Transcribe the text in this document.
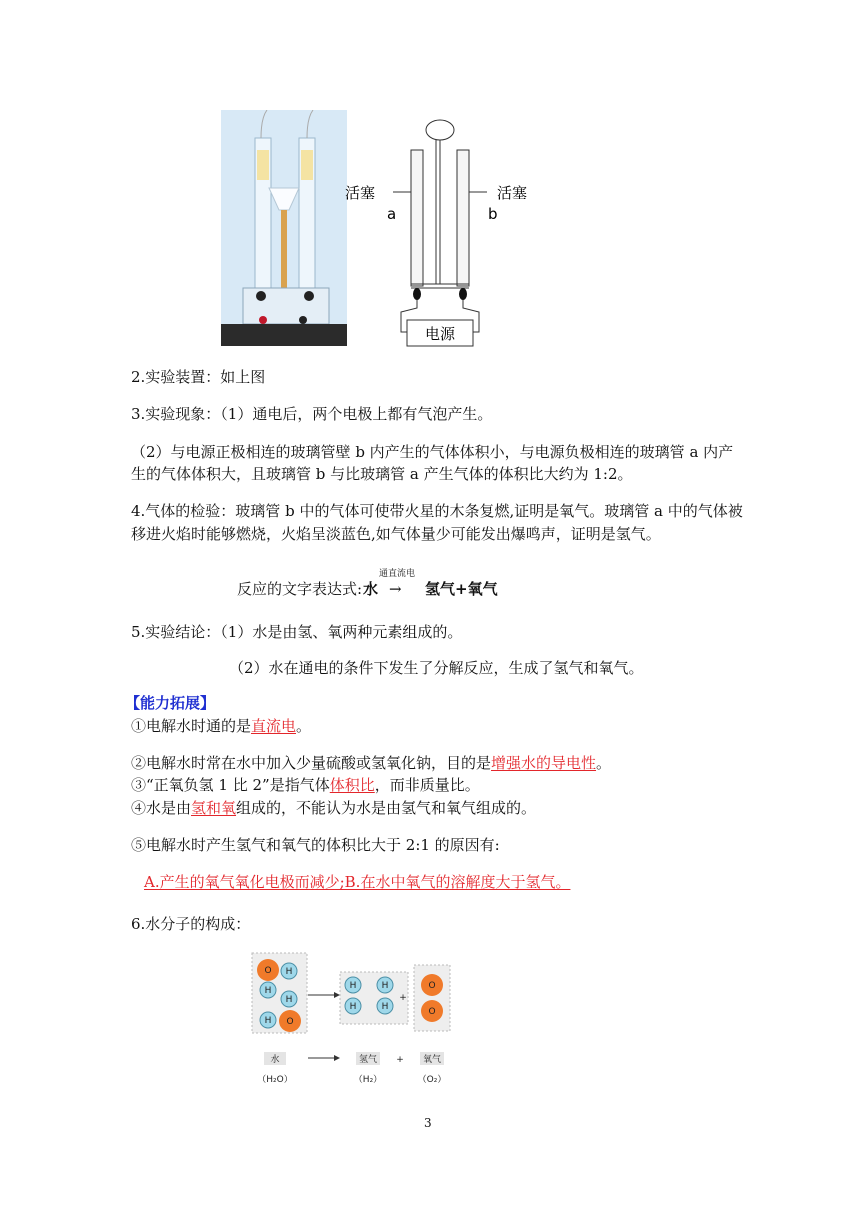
电源
活塞	活塞
a	b
2.实验装置：如上图
3.实验现象：（1）通电后，两个电极上都有气泡产生。
（2）与电源正极相连的玻璃管壁 b 内产生的气体体积小，与电源负极相连的玻璃管 a 内产
生的气体体积大，且玻璃管 b 与比玻璃管 a 产生气体的体积比大约为 1:2。
4.气体的检验：玻璃管 b 中的气体可使带火星的木条复燃,证明是氧气。玻璃管 a 中的气体被
移进火焰时能够燃烧，火焰呈淡蓝色,如气体量少可能发出爆鸣声，证明是氢气。
反应的文字表达式: 水
通直流电
→ 氢气+氧气
5.实验结论：（1）水是由氢、氧两种元素组成的。
（2）水在通电的条件下发生了分解反应，生成了氢气和氧气。
【能力拓展】
①电解水时通的是直流电。
②电解水时常在水中加入少量硫酸或氢氧化钠，目的是增强水的导电性。
③“正氧负氢 1 比 2”是指气体体积比，而非质量比。
④水是由氢和氧组成的，不能认为水是由氢气和氧气组成的。
⑤电解水时产生氢气和氧气的体积比大于 2:1 的原因有:
A.产生的氧气氧化电极而减少;B.在水中氧气的溶解度大于氢气。
6.水分子的构成：
O H
H
H
H O
H
H
H
H
+
O
O
水
（H₂O）
氢气
（H₂）
+ 氧气
（O₂）
3
